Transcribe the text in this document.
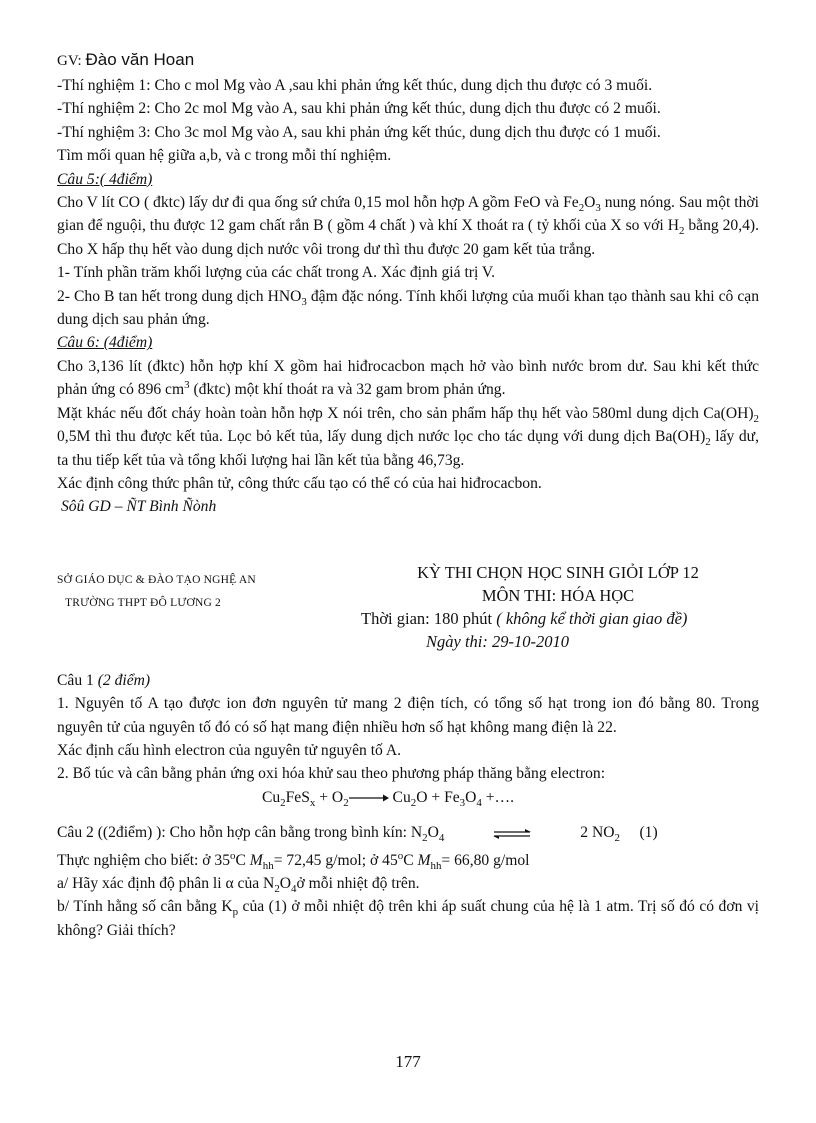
GV: Đào văn Hoan

-Thí nghiệm 1: Cho c mol Mg vào A ,sau khi phản ứng kết thúc, dung dịch thu được có 3 muối.

-Thí nghiệm 2: Cho 2c mol Mg vào A, sau khi phản ứng kết thúc, dung dịch thu được có 2 muối.

-Thí nghiệm 3: Cho 3c mol Mg vào A, sau khi phản ứng kết thúc, dung dịch thu được có 1 muối.

Tìm mối quan hệ giữa a,b, và c trong mỗi thí nghiệm.

Câu 5:( 4điểm)

Cho V lít CO ( đktc) lấy dư đi qua ống sứ chứa 0,15 mol hỗn hợp A gồm FeO và $Fe_2O_3$ nung nóng. Sau một thời gian để nguội, thu được 12 gam chất rắn B ( gồm 4 chất ) và khí X thoát ra ( tỷ khối của X so với $H_2$ bằng 20,4). Cho X hấp thụ hết vào dung dịch nước vôi trong dư thì thu được 20 gam kết tủa trắng.

1- Tính phần trăm khối lượng của các chất trong A. Xác định giá trị V.

2- Cho B tan hết trong dung dịch $HNO_3$ đậm đặc nóng. Tính khối lượng của muối khan tạo thành sau khi cô cạn dung dịch sau phản ứng.

Câu 6: (4điểm)

Cho 3,136 lít (đktc) hỗn hợp khí X gồm hai hiđrocacbon mạch hở vào bình nước brom dư. Sau khi kết thức phản ứng có 896 $cm^3$ (đktc) một khí thoát ra và 32 gam brom phản ứng.

Mặt khác nếu đốt cháy hoàn toàn hỗn hợp X nói trên, cho sản phẩm hấp thụ hết vào 580ml dung dịch $Ca(OH)_2$ 0,5M thì thu được kết tủa. Lọc bỏ kết tủa, lấy dung dịch nước lọc cho tác dụng với dung dịch $Ba(OH)_2$ lấy dư, ta thu tiếp kết tủa và tổng khối lượng hai lần kết tủa bằng 46,73g.

Xác định công thức phân tử, công thức cấu tạo có thể có của hai hiđrocacbon.

Sôû GD – ÑT Bình Ñònh

SỞ GIÁO DỤC & ĐÀO TẠO NGHỆ AN
TRƯỜNG THPT ĐÔ LƯƠNG 2
KỲ THI CHỌN HỌC SINH GIỎI LỚP 12
MÔN THI: HÓA HỌC
Thời gian: 180 phút ( không kể thời gian giao đề)
Ngày thi: 29-10-2010

Câu 1 (2 điểm)

1. Nguyên tố A tạo được ion đơn nguyên tử mang 2 điện tích, có tổng số hạt trong ion đó bằng 80. Trong nguyên tử của nguyên tố đó có số hạt mang điện nhiều hơn số hạt không mang điện là 22.

Xác định cấu hình electron của nguyên tử nguyên tố A.

2. Bổ túc và cân bằng phản ứng oxi hóa khử sau theo phương pháp thăng bằng electron:

$Cu_2FeS_x + O_2\to Cu_2O + Fe_3O_4$ +….

Câu 2 ((2điểm) ): Cho hỗn hợp cân bằng trong bình kín: $N_2O_4$	2 $NO_2$ (1)

Thực nghiệm cho biết: ở 35$^o$C $M_{hh}= 72,45$ g/mol; ở 45$^o$C $M_{hh}= 66,80$ g/mol

a/ Hãy xác định độ phân li α của $N_2O_4ở$ mỗi nhiệt độ trên.

b/ Tính hằng số cân bằng $K_p$ của (1) ở mỗi nhiệt độ trên khi áp suất chung của hệ là 1 atm. Trị số đó có đơn vị không? Giải thích?

177
